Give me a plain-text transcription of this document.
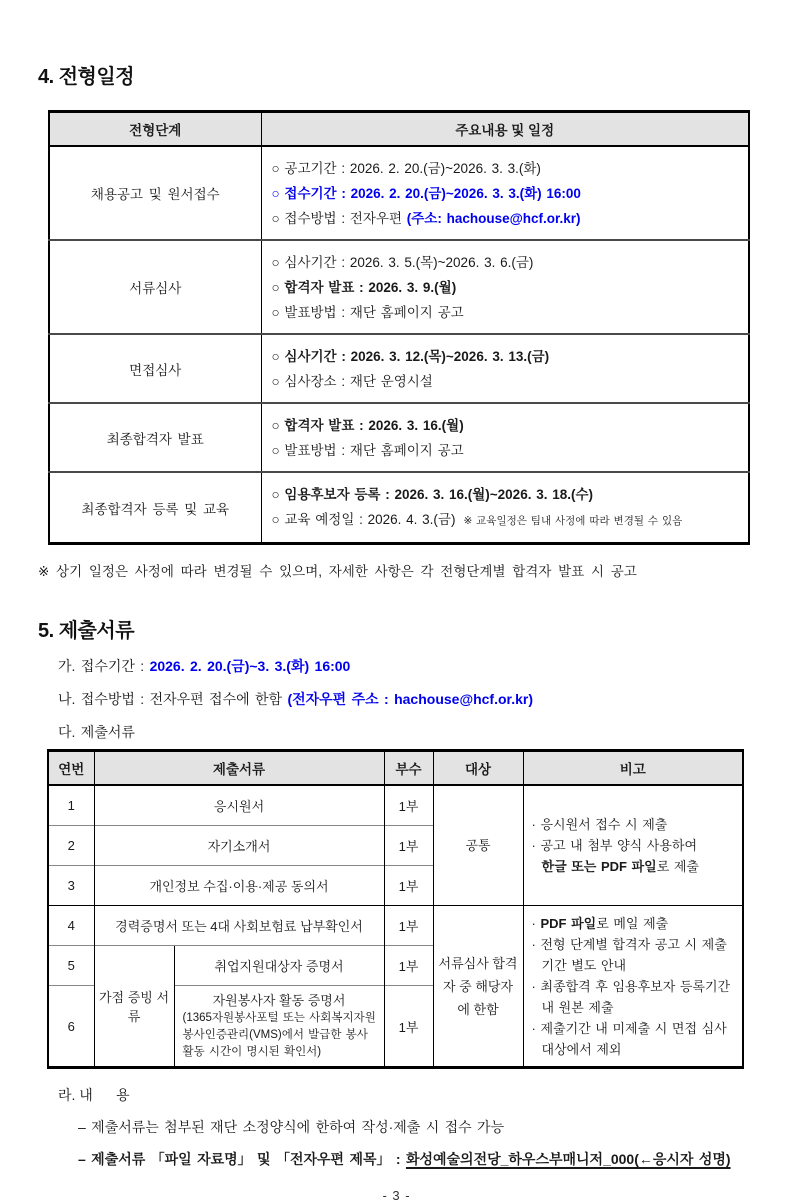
4. 전형일정
전형단계	주요내용 및 일정
채용공고 및 원서접수	○ 공고기간 : 2026. 2. 20.(금)~2026. 3. 3.(화)
○ 접수기간 : 2026. 2. 20.(금)~2026. 3. 3.(화) 16:00
○ 접수방법 : 전자우편 (주소: hachouse@hcf.or.kr)

서류심사	○ 심사기간 : 2026. 3. 5.(목)~2026. 3. 6.(금)
○ 합격자 발표 : 2026. 3. 9.(월)
○ 발표방법 : 재단 홈페이지 공고

면접심사	○ 심사기간 : 2026. 3. 12.(목)~2026. 3. 13.(금)
○ 심사장소 : 재단 운영시설

최종합격자 발표	○ 합격자 발표 : 2026. 3. 16.(월)
○ 발표방법 : 재단 홈페이지 공고

최종합격자 등록 및 교육	○ 임용후보자 등록 : 2026. 3. 16.(월)~2026. 3. 18.(수)
○ 교육 예정일 : 2026. 4. 3.(금) ※ 교육일정은 팀내 사정에 따라 변경될 수 있음
※ 상기 일정은 사정에 따라 변경될 수 있으며, 자세한 사항은 각 전형단계별 합격자 발표 시 공고
5. 제출서류
가. 접수기간 : 2026. 2. 20.(금)~3. 3.(화) 16:00
나. 접수방법 : 전자우편 접수에 한함 (전자우편 주소 : hachouse@hcf.or.kr)
다. 제출서류
연번	제출서류		부수	대상	비고
1	응시원서		1부	공통	· 응시원서 접수 시 제출
· 공고 내 첨부 양식 사용하여
한글 또는 PDF 파일로 제출

2	자기소개서		1부		
3	개인정보 수집·이용·제공 동의서		1부		
4	경력증명서 또는 4대 사회보험료 납부확인서		1부	서류심사 합격자 중 해당자에 한함	· PDF 파일로 메일 제출
· 전형 단계별 합격자 공고 시 제출 기간 별도 안내
· 최종합격 후 임용후보자 등록기간 내 원본 제출
· 제출기간 내 미제출 시 면접 심사 대상에서 제외

5	가점 증빙 서류	취업지원대상자 증명서	1부		
6		자원봉사자 활동 증명서
(1365자원봉사포털 또는 사회복지자원봉사인증관리(VMS)에서 발급한 봉사활동 시간이 명시된 확인서)	1부		
라. 내      용
– 제출서류는 첨부된 재단 소정양식에 한하여 작성·제출 시 접수 가능
– 제출서류 「파일 자료명」 및 「전자우편 제목」 : 화성예술의전당_하우스부매니저_000(←응시자 성명)
- 3 -
